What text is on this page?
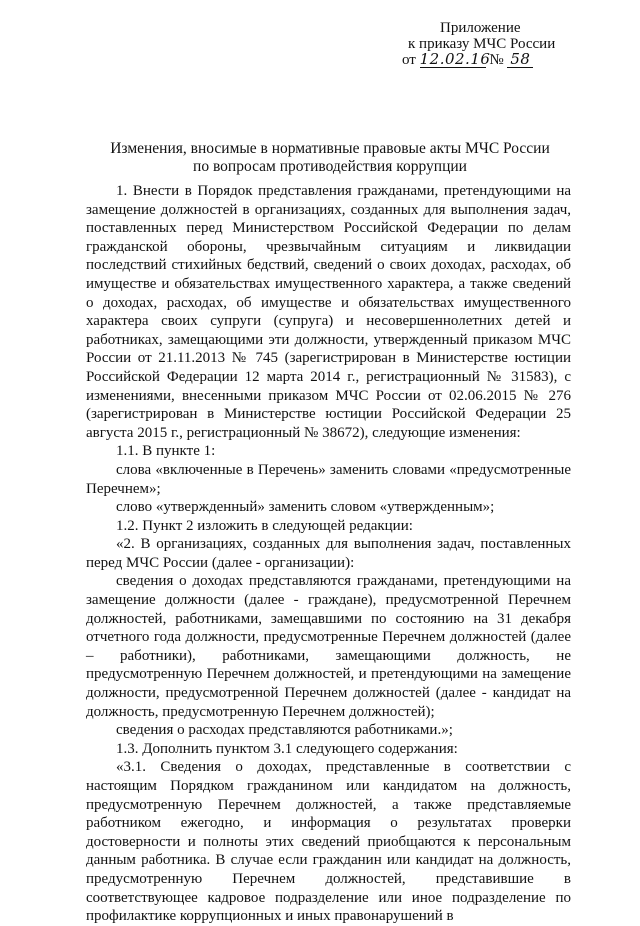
Приложение
к приказу МЧС России
от 12.02.16 № 58
Изменения, вносимые в нормативные правовые акты МЧС России
по вопросам противодействия коррупции

1. Внести в Порядок представления гражданами, претендующими на замещение должностей в организациях, созданных для выполнения задач, поставленных перед Министерством Российской Федерации по делам гражданской обороны, чрезвычайным ситуациям и ликвидации последствий стихийных бедствий, сведений о своих доходах, расходах, об имуществе и обязательствах имущественного характера, а также сведений о доходах, расходах, об имуществе и обязательствах имущественного характера своих супруги (супруга) и несовершеннолетних детей и работниках, замещающими эти должности, утвержденный приказом МЧС России от 21.11.2013 № 745 (зарегистрирован в Министерстве юстиции Российской Федерации 12 марта 2014 г., регистрационный № 31583), с изменениями, внесенными приказом МЧС России от 02.06.2015 № 276 (зарегистрирован в Министерстве юстиции Российской Федерации 25 августа 2015 г., регистрационный № 38672), следующие изменения:

1.1. В пункте 1:

слова «включенные в Перечень» заменить словами «предусмотренные Перечнем»;

слово «утвержденный» заменить словом «утвержденным»;

1.2. Пункт 2 изложить в следующей редакции:

«2. В организациях, созданных для выполнения задач, поставленных перед МЧС России (далее - организации):

сведения о доходах представляются гражданами, претендующими на замещение должности (далее - граждане), предусмотренной Перечнем должностей, работниками, замещавшими по состоянию на 31 декабря отчетного года должности, предусмотренные Перечнем должностей (далее – работники), работниками, замещающими должность, не предусмотренную Перечнем должностей, и претендующими на замещение должности, предусмотренной Перечнем должностей (далее - кандидат на должность, предусмотренную Перечнем должностей);

сведения о расходах представляются работниками.»;

1.3. Дополнить пунктом 3.1 следующего содержания:

«3.1. Сведения о доходах, представленные в соответствии с настоящим Порядком гражданином или кандидатом на должность, предусмотренную Перечнем должностей, а также представляемые работником ежегодно, и информация о результатах проверки достоверности и полноты этих сведений приобщаются к персональным данным работника. В случае если гражданин или кандидат на должность, предусмотренную Перечнем должностей, представившие в соответствующее кадровое подразделение или иное подразделение по профилактике коррупционных и иных правонарушений в
